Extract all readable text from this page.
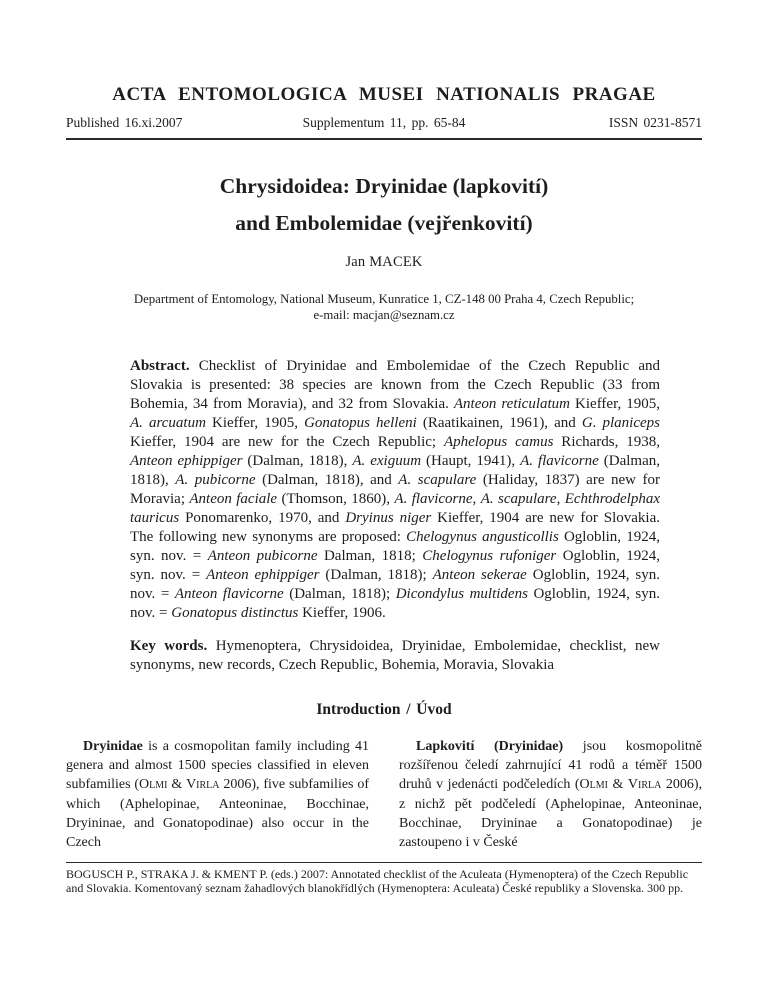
ACTA ENTOMOLOGICA MUSEI NATIONALIS PRAGAE
Published 16.xi.2007	Supplementum 11, pp. 65-84	ISSN 0231-8571
Chrysidoidea: Dryinidae (lapkovití)
and Embolemidae (vejřenkovití)
Jan MACEK
Department of Entomology, National Museum, Kunratice 1, CZ-148 00 Praha 4, Czech Republic;
e-mail: macjan@seznam.cz

Abstract. Checklist of Dryinidae and Embolemidae of the Czech Republic and Slovakia is presented: 38 species are known from the Czech Republic (33 from Bohemia, 34 from Moravia), and 32 from Slovakia. Anteon reticulatum Kieffer, 1905, A. arcuatum Kieffer, 1905, Gonatopus helleni (Raatikainen, 1961), and G. planiceps Kieffer, 1904 are new for the Czech Republic; Aphelopus camus Richards, 1938, Anteon ephippiger (Dalman, 1818), A. exiguum (Haupt, 1941), A. flavicorne (Dalman, 1818), A. pubicorne (Dalman, 1818), and A. scapulare (Haliday, 1837) are new for Moravia; Anteon faciale (Thomson, 1860), A. flavicorne, A. scapulare, Echthrodelphax tauricus Ponomarenko, 1970, and Dryinus niger Kieffer, 1904 are new for Slovakia. The following new synonyms are proposed: Chelogynus angusticollis Ogloblin, 1924, syn. nov. = Anteon pubicorne Dalman, 1818; Chelogynus rufoniger Ogloblin, 1924, syn. nov. = Anteon ephippiger (Dalman, 1818); Anteon sekerae Ogloblin, 1924, syn. nov. = Anteon flavicorne (Dalman, 1818); Dicondylus multidens Ogloblin, 1924, syn. nov. = Gonatopus distinctus Kieffer, 1906.

Key words. Hymenoptera, Chrysidoidea, Dryinidae, Embolemidae, checklist, new synonyms, new records, Czech Republic, Bohemia, Moravia, Slovakia

Introduction / Úvod

Dryinidae is a cosmopolitan family including 41 genera and almost 1500 species classified in eleven subfamilies (Olmi & Virla 2006), five subfamilies of which (Aphelopinae, Anteoninae, Bocchinae, Dryininae, and Gonatopodinae) also occur in the Czech

Lapkovití (Dryinidae) jsou kosmopolitně rozšířenou čeledí zahrnující 41 rodů a téměř 1500 druhů v jedenácti podčeledích (Olmi & Virla 2006), z nichž pět podčeledí (Aphelopinae, Anteoninae, Bocchinae, Dryininae a Gonatopodinae) je zastoupeno i v České

BOGUSCH P., STRAKA J. & KMENT P. (eds.) 2007: Annotated checklist of the Aculeata (Hymenoptera) of the Czech Republic and Slovakia. Komentovaný seznam žahadlových blanokřídlých (Hymenoptera: Aculeata) České republiky a Slovenska. 300 pp.
